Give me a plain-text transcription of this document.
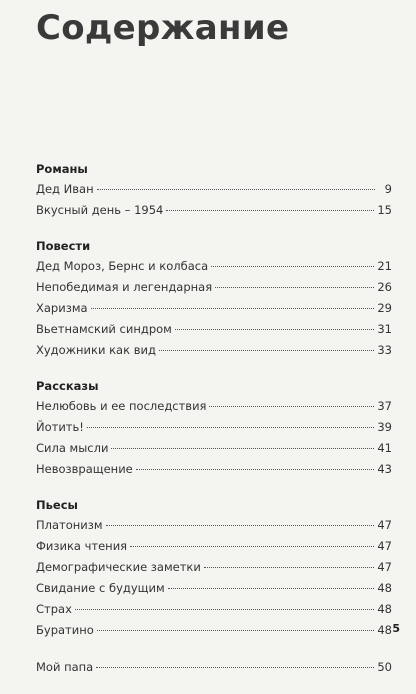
Содержание
Романы
Дед Иван	9
Вкусный день – 1954	15
Повести
Дед Мороз, Бернс и колбаса	21
Непобедимая и легендарная	26
Харизма	29
Вьетнамский синдром	31
Художники как вид	33
Рассказы
Нелюбовь и ее последствия	37
Йотить!	39
Сила мысли	41
Невозвращение	43
Пьесы
Платонизм	47
Физика чтения	47
Демографические заметки	47
Свидание с будущим	48
Страх	48
Буратино	48
Мой папа	50
5
